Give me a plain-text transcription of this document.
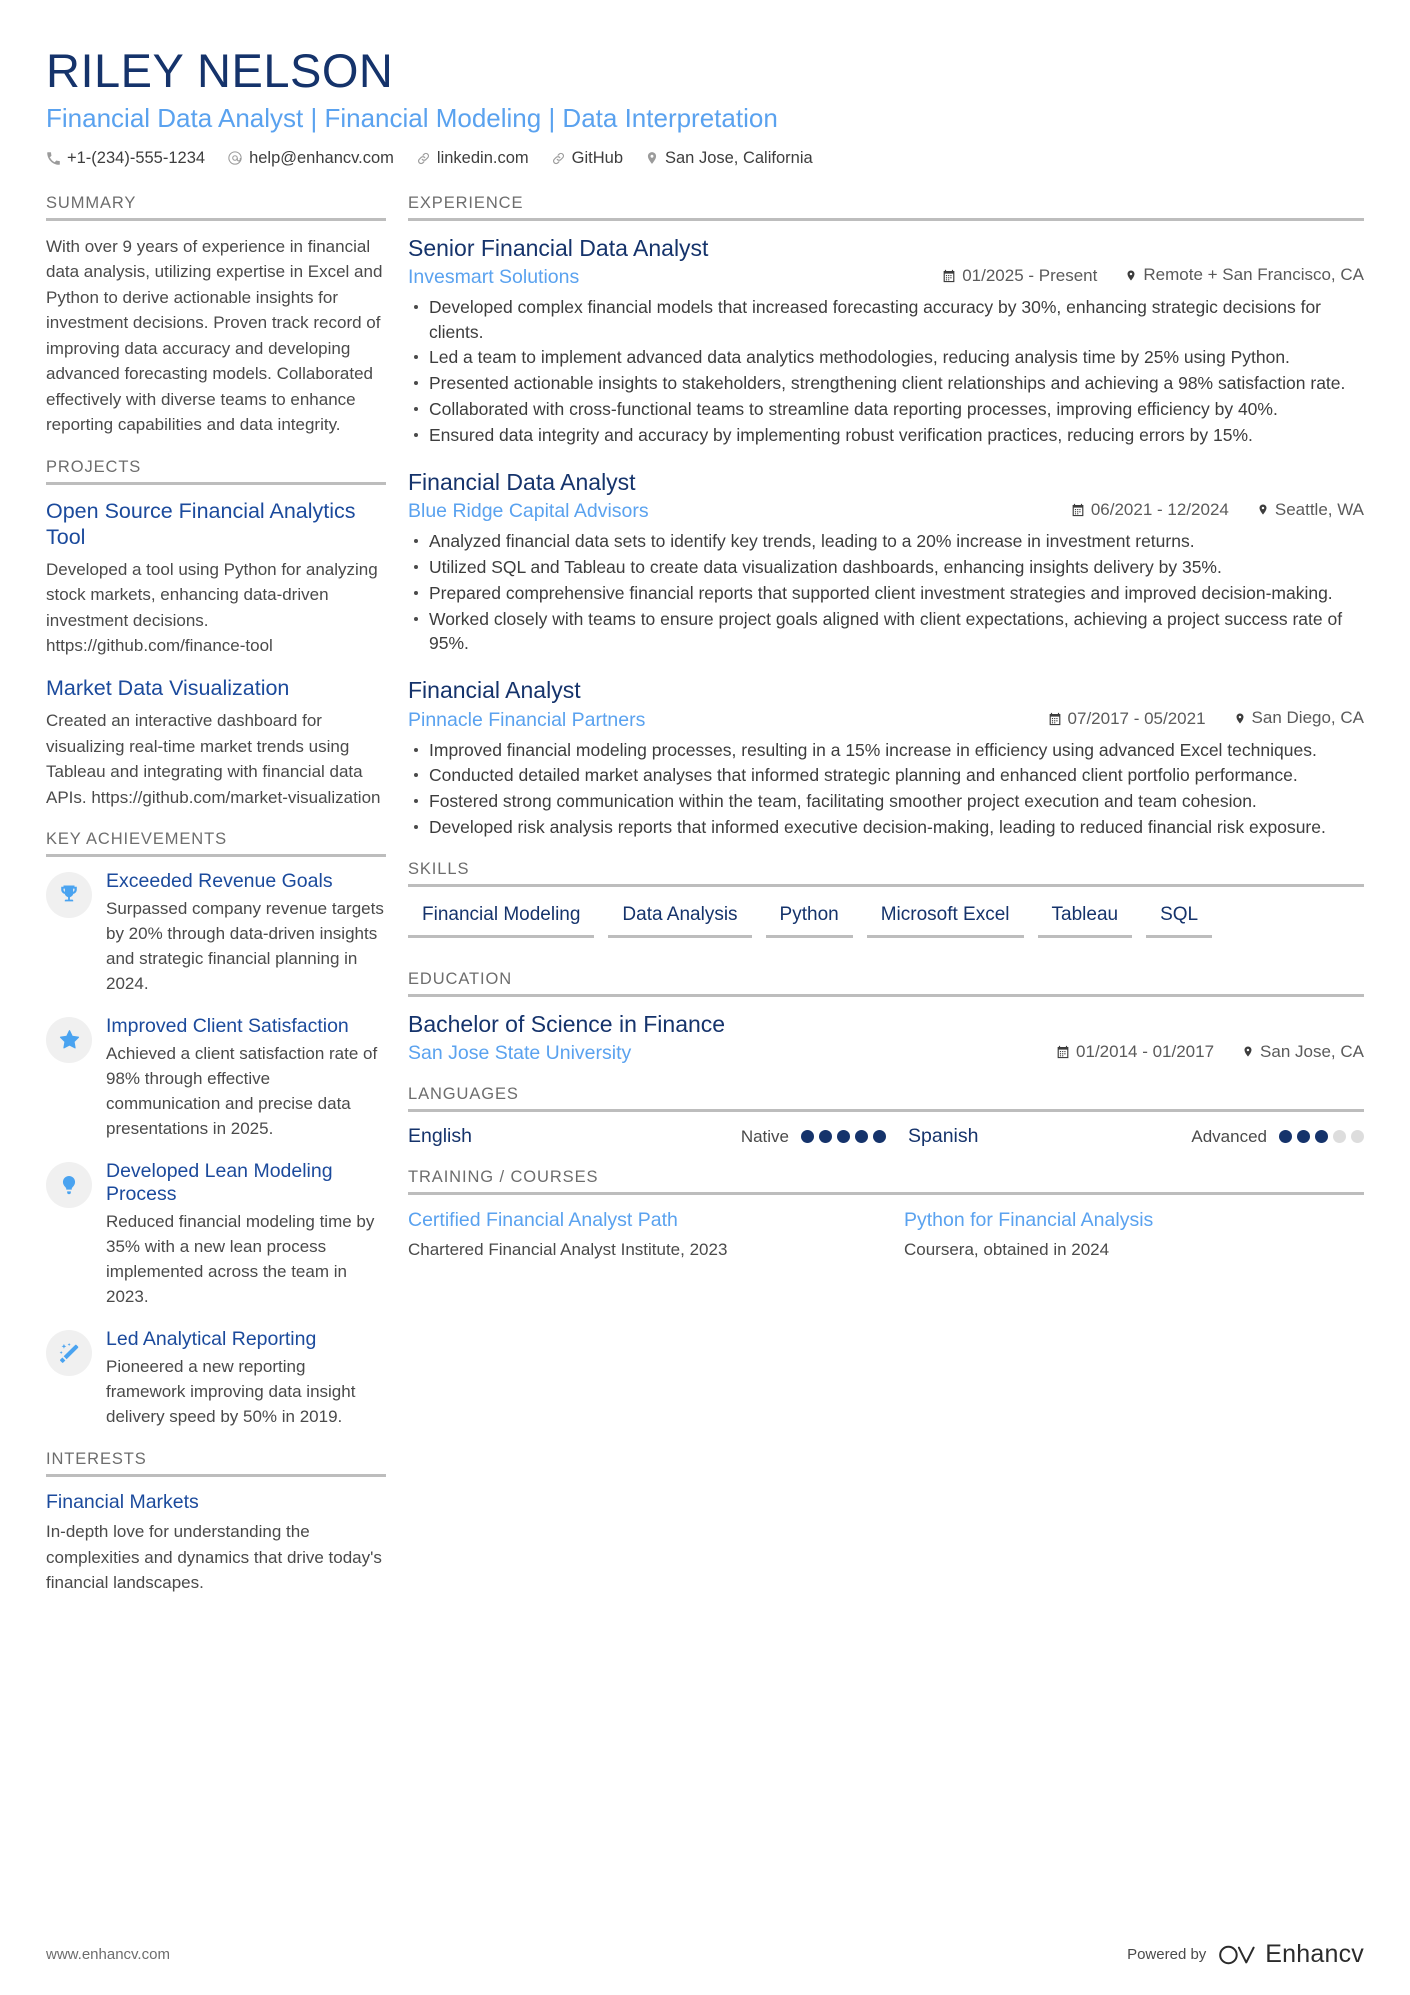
RILEY NELSON
Financial Data Analyst | Financial Modeling | Data Interpretation
+1-(234)-555-1234	help@enhancv.com	linkedin.com	GitHub	San Jose, California
SUMMARY
With over 9 years of experience in financial data analysis, utilizing expertise in Excel and Python to derive actionable insights for investment decisions. Proven track record of improving data accuracy and developing advanced forecasting models. Collaborated effectively with diverse teams to enhance reporting capabilities and data integrity.
PROJECTS
Open Source Financial Analytics Tool
Developed a tool using Python for analyzing stock markets, enhancing data-driven investment decisions. https://github.com/finance-tool
Market Data Visualization
Created an interactive dashboard for visualizing real-time market trends using Tableau and integrating with financial data APIs. https://github.com/market-visualization
KEY ACHIEVEMENTS
Exceeded Revenue Goals
Surpassed company revenue targets by 20% through data-driven insights and strategic financial planning in 2024.
Improved Client Satisfaction
Achieved a client satisfaction rate of 98% through effective communication and precise data presentations in 2025.
Developed Lean Modeling Process
Reduced financial modeling time by 35% with a new lean process implemented across the team in 2023.
Led Analytical Reporting
Pioneered a new reporting framework improving data insight delivery speed by 50% in 2019.
INTERESTS
Financial Markets
In-depth love for understanding the complexities and dynamics that drive today's financial landscapes.
EXPERIENCE
Senior Financial Data Analyst
Invesmart Solutions	01/2025 - Present	Remote + San Francisco, CA
Developed complex financial models that increased forecasting accuracy by 30%, enhancing strategic decisions for clients.
Led a team to implement advanced data analytics methodologies, reducing analysis time by 25% using Python.
Presented actionable insights to stakeholders, strengthening client relationships and achieving a 98% satisfaction rate.
Collaborated with cross-functional teams to streamline data reporting processes, improving efficiency by 40%.
Ensured data integrity and accuracy by implementing robust verification practices, reducing errors by 15%.
Financial Data Analyst
Blue Ridge Capital Advisors	06/2021 - 12/2024	Seattle, WA
Analyzed financial data sets to identify key trends, leading to a 20% increase in investment returns.
Utilized SQL and Tableau to create data visualization dashboards, enhancing insights delivery by 35%.
Prepared comprehensive financial reports that supported client investment strategies and improved decision-making.
Worked closely with teams to ensure project goals aligned with client expectations, achieving a project success rate of 95%.
Financial Analyst
Pinnacle Financial Partners	07/2017 - 05/2021	San Diego, CA
Improved financial modeling processes, resulting in a 15% increase in efficiency using advanced Excel techniques.
Conducted detailed market analyses that informed strategic planning and enhanced client portfolio performance.
Fostered strong communication within the team, facilitating smoother project execution and team cohesion.
Developed risk analysis reports that informed executive decision-making, leading to reduced financial risk exposure.
SKILLS
Financial Modeling	Data Analysis	Python	Microsoft Excel	Tableau	SQL
EDUCATION
Bachelor of Science in Finance
San Jose State University	01/2014 - 01/2017	San Jose, CA
LANGUAGES
English	Native	Spanish	Advanced
TRAINING / COURSES
Certified Financial Analyst Path
Chartered Financial Analyst Institute, 2023
Python for Financial Analysis
Coursera, obtained in 2024
www.enhancv.com	Powered by Enhancv
